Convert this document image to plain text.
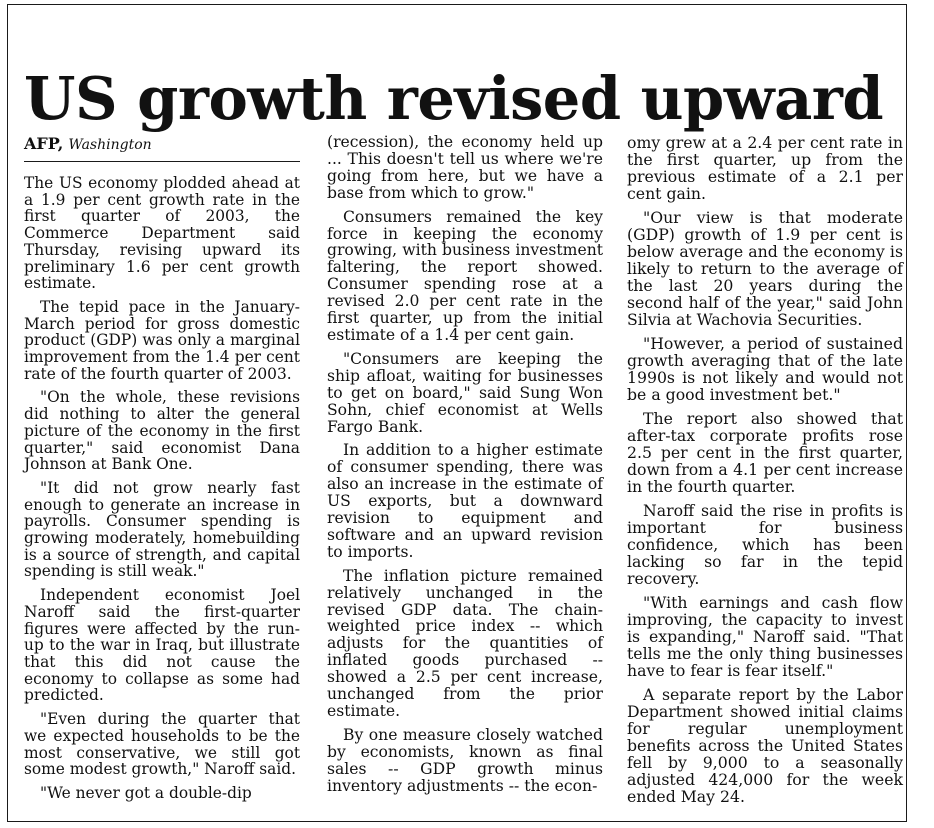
US growth revised upward
AFP, Washington

The US economy plodded ahead at a 1.9 per cent growth rate in the first quarter of 2003, the Commerce Department said Thursday, revising upward its preliminary 1.6 per cent growth estimate.

The tepid pace in the January-March period for gross domestic product (GDP) was only a marginal improvement from the 1.4 per cent rate of the fourth quarter of 2003.

"On the whole, these revisions did nothing to alter the general picture of the economy in the first quarter," said economist Dana Johnson at Bank One.

"It did not grow nearly fast enough to generate an increase in payrolls. Consumer spending is growing moderately, homebuilding is a source of strength, and capital spending is still weak."

Independent economist Joel Naroff said the first-quarter figures were affected by the run-up to the war in Iraq, but illustrate that this did not cause the economy to collapse as some had predicted.

"Even during the quarter that we expected households to be the most conservative, we still got some modest growth," Naroff said.

"We never got a double-dip

(recession), the economy held up ... This doesn't tell us where we're going from here, but we have a base from which to grow."

Consumers remained the key force in keeping the economy growing, with business investment faltering, the report showed. Consumer spending rose at a revised 2.0 per cent rate in the first quarter, up from the initial estimate of a 1.4 per cent gain.

"Consumers are keeping the ship afloat, waiting for businesses to get on board," said Sung Won Sohn, chief economist at Wells Fargo Bank.

In addition to a higher estimate of consumer spending, there was also an increase in the estimate of US exports, but a downward revision to equipment and software and an upward revision to imports.

The inflation picture remained relatively unchanged in the revised GDP data. The chain-weighted price index -- which adjusts for the quantities of inflated goods purchased -- showed a 2.5 per cent increase, unchanged from the prior estimate.

By one measure closely watched by economists, known as final sales -- GDP growth minus inventory adjustments -- the econ-

omy grew at a 2.4 per cent rate in the first quarter, up from the previous estimate of a 2.1 per cent gain.

"Our view is that moderate (GDP) growth of 1.9 per cent is below average and the economy is likely to return to the average of the last 20 years during the second half of the year," said John Silvia at Wachovia Securities.

"However, a period of sustained growth averaging that of the late 1990s is not likely and would not be a good investment bet."

The report also showed that after-tax corporate profits rose 2.5 per cent in the first quarter, down from a 4.1 per cent increase in the fourth quarter.

Naroff said the rise in profits is important for business confidence, which has been lacking so far in the tepid recovery.

"With earnings and cash flow improving, the capacity to invest is expanding," Naroff said. "That tells me the only thing businesses have to fear is fear itself."

A separate report by the Labor Department showed initial claims for regular unemployment benefits across the United States fell by 9,000 to a seasonally adjusted 424,000 for the week ended May 24.
